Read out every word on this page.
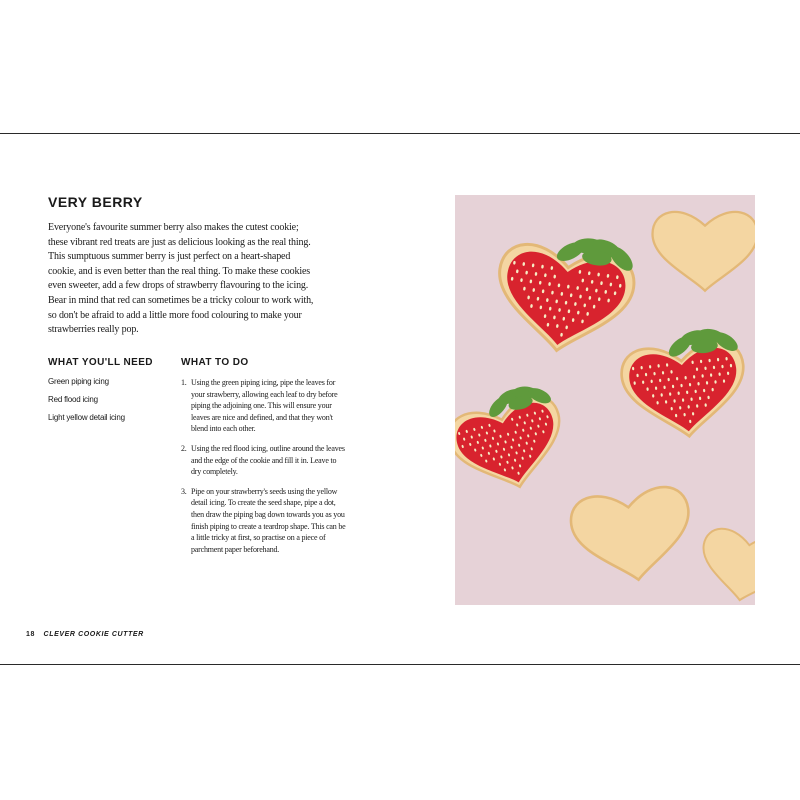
VERY BERRY

Everyone's favourite summer berry also makes the cutest cookie; these vibrant red treats are just as delicious looking as the real thing. This sumptuous summer berry is just perfect on a heart-shaped cookie, and is even better than the real thing. To make these cookies even sweeter, add a few drops of strawberry flavouring to the icing. Bear in mind that red can sometimes be a tricky colour to work with, so don't be afraid to add a little more food colouring to make your strawberries really pop.

WHAT YOU'LL NEED
Green piping icing
Red flood icing
Light yellow detail icing
WHAT TO DO
1. Using the green piping icing, pipe the leaves for your strawberry, allowing each leaf to dry before piping the adjoining one. This will ensure your leaves are nice and defined, and that they won't blend into each other.
2. Using the red flood icing, outline around the leaves and the edge of the cookie and fill it in. Leave to dry completely.
3. Pipe on your strawberry's seeds using the yellow detail icing. To create the seed shape, pipe a dot, then draw the piping bag down towards you as you finish piping to create a teardrop shape. This can be a little tricky at first, so practise on a piece of parchment paper beforehand.
18 CLEVER COOKIE CUTTER
